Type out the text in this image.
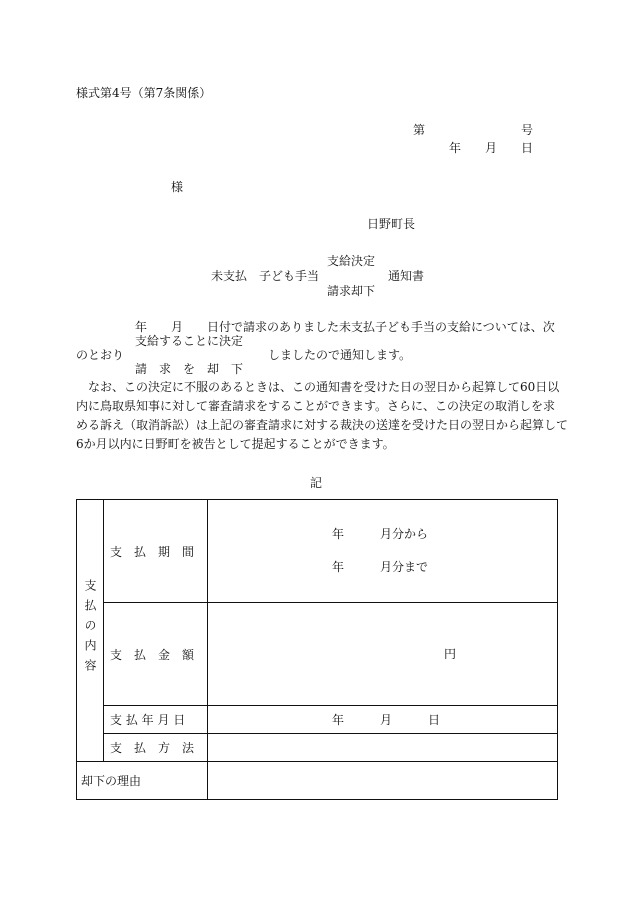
様式第4号（第7条関係）
第	号
年 月 日
様
日野町長
支給決定
未支払　子ども手当	通知書
請求却下
年　　月　　日付で請求のありました未支払子ども手当の支給については、次
支給することに決定
のとおり	しましたので通知します。
請　求　を　却　下
なお、この決定に不服のあるときは、この通知書を受けた日の翌日から起算して60日以
内に鳥取県知事に対して審査請求をすることができます。さらに、この決定の取消しを求
める訴え（取消訴訟）は上記の審査請求に対する裁決の送達を受けた日の翌日から起算して
6か月以内に日野町を被告として提起することができます。
記
支払の内容	支　払　期　間	年　　　月分から
年　　　月分まで

	支　払　金　額	円

	支 払 年 月 日	年　　　月　　　日
	支　払　方　法	
却下の理由		
